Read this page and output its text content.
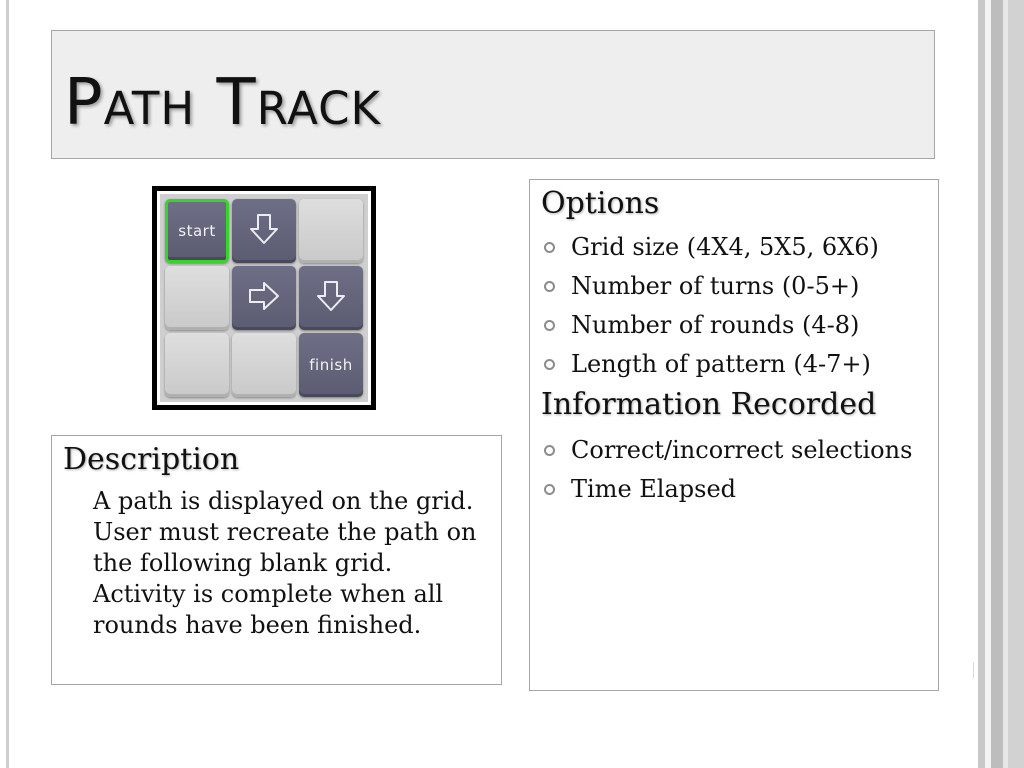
Path Track
start
finish
Description

A path is displayed on the grid. User must recreate the path on the following blank grid. Activity is complete when all rounds have been finished.

Options
Grid size (4X4, 5X5, 6X6)
Number of turns (0-5+)
Number of rounds (4-8)
Length of pattern (4-7+)
Information Recorded
Correct/incorrect selections
Time Elapsed
